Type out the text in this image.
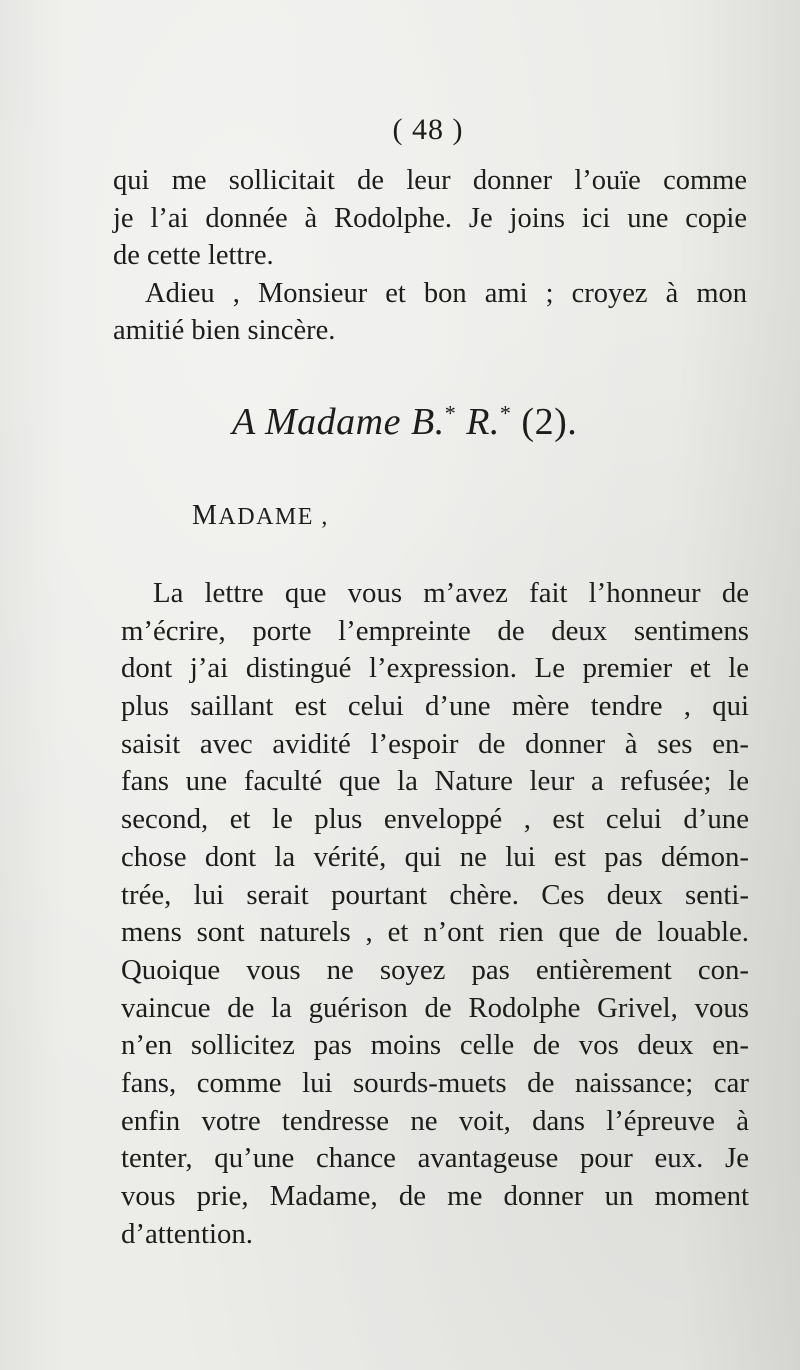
( 48 )
qui me sollicitait de leur donner l’ouïe comme
je l’ai donnée à Rodolphe. Je joins ici une copie
de cette lettre.
Adieu , Monsieur et bon ami ; croyez à mon
amitié bien sincère.
A Madame B.* R.* (2).
MADAME ,
La lettre que vous m’avez fait l’honneur de
m’écrire, porte l’empreinte de deux sentimens
dont j’ai distingué l’expression. Le premier et le
plus saillant est celui d’une mère tendre , qui
saisit avec avidité l’espoir de donner à ses en-
fans une faculté que la Nature leur a refusée; le
second, et le plus enveloppé , est celui d’une
chose dont la vérité, qui ne lui est pas démon-
trée, lui serait pourtant chère. Ces deux senti-
mens sont naturels , et n’ont rien que de louable.
Quoique vous ne soyez pas entièrement con-
vaincue de la guérison de Rodolphe Grivel, vous
n’en sollicitez pas moins celle de vos deux en-
fans, comme lui sourds-muets de naissance; car
enfin votre tendresse ne voit, dans l’épreuve à
tenter, qu’une chance avantageuse pour eux. Je
vous prie, Madame, de me donner un moment
d’attention.
